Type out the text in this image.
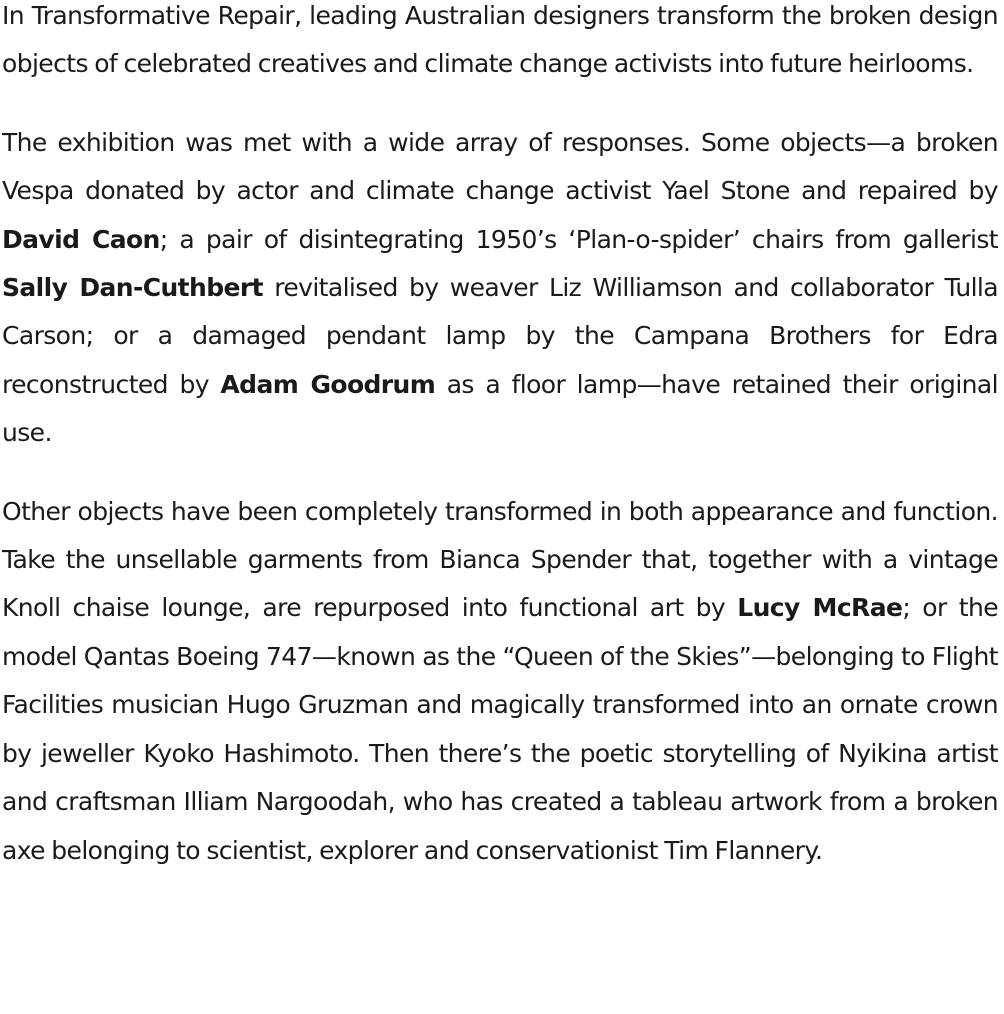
In Transformative Repair, leading Australian designers transform the broken design objects of celebrated creatives and climate change activists into future heirlooms.

The exhibition was met with a wide array of responses. Some objects—a broken Vespa donated by actor and climate change activist Yael Stone and repaired by David Caon; a pair of disintegrating 1950’s ‘Plan-o-spider’ chairs from gallerist Sally Dan-Cuthbert revitalised by weaver Liz Williamson and collaborator Tulla Carson; or a damaged pendant lamp by the Campana Brothers for Edra reconstructed by Adam Goodrum as a floor lamp—have retained their original use.

Other objects have been completely transformed in both appearance and function. Take the unsellable garments from Bianca Spender that, together with a vintage Knoll chaise lounge, are repurposed into functional art by Lucy McRae; or the model Qantas Boeing 747—known as the “Queen of the Skies”—belonging to Flight Facilities musician Hugo Gruzman and magically transformed into an ornate crown by jeweller Kyoko Hashimoto. Then there’s the poetic storytelling of Nyikina artist and craftsman Illiam Nargoodah, who has created a tableau artwork from a broken axe belonging to scientist, explorer and conservationist Tim Flannery.
